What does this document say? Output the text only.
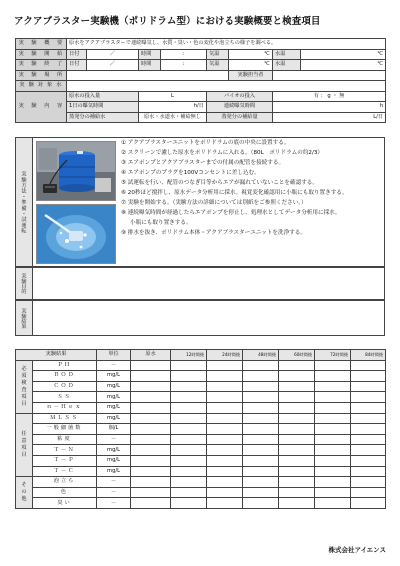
アクアブラスター実験機（ポリドラム型）における実験概要と検査項目
実　験　概　要	原水をアクアブラスターで連続曝気し、水質・臭い・色の変化や泡立ちの様子を調べる。							
実　験　開　始	日付	／	時間	:	気温	℃	水温	℃
実　験　終　了	日付	／	時間	:	気温	℃	水温	℃
実　験　場　所						実験担当者		
実 験 対 象 水								
実　験　内　容	原水の投入量		L		バイオの投入		有 ： g ・ 無	
	1日の曝気時間		h/日		連続曝気時間		h	
	蒸発分の補給水		原水・水道水・補給無し		蒸発分の補給量		L/日	
実験方法・準備・試運転
① アクアブラスターユニットをポリドラムの底の中央に設置する。
② スクリーンで濾した原水をポリドラムに入れる。（80L　ポリドラムの約2/3）
③ エアポンプとアクアブラスターまでの付属の配管を接続する。
④ エアポンプのプラグを100Vコンセントに差し込む。
⑤ 試運転を行い、配管のつなぎ目等からエアが漏れていないことを確認する。
⑥ 20秒ほど撹拌し、原水データ分析用に採水。視覚変化確認用に小瓶にも取り置きする。
⑦ 実験を開始する。（実験方法の詳細については別紙をご参照ください。）
⑧ 連続曝気時間が経過したらエアポンプを停止し、処理水としてデータ分析用に採水。
小瓶にも取り置きする。
⑨ 排水を抜き、ポリドラム本体・アクアブラスターユニットを洗浄する。
実験目的
実験結果
実験結果		単位	原水	12時間後	24時間後	48時間後	60時間後	72時間後	84時間後

必須検査項目	ＰＨ	－							
	ＢＯＤ	mg/L							
	ＣＯＤ	mg/L							
	ＳＳ	mg/L							
	ｎ－Ｈｅｘ	mg/L							

任意項目	ＭＬＳＳ	mg/L							
	一般細菌数	個/L							
	粘度	－							
	Ｔ－Ｎ	mg/L							
	Ｔ－Ｐ	mg/L							
	Ｔ－Ｃ	mg/L							

その他	泡立ち	－							
	色	－							
	臭い	－							
株式会社アイエンス
